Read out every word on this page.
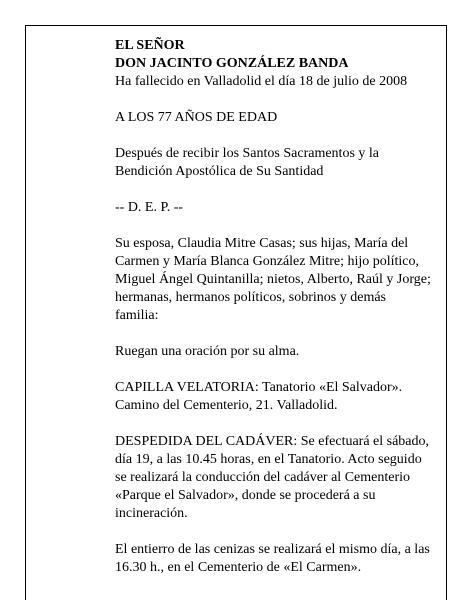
EL SEÑOR

DON JACINTO GONZÁLEZ BANDA

Ha fallecido en Valladolid el día 18 de julio de 2008

A LOS 77 AÑOS DE EDAD

Después de recibir los Santos Sacramentos y la Bendición Apostólica de Su Santidad

-- D. E. P. --

Su esposa, Claudia Mitre Casas; sus hijas, María del Carmen y María Blanca González Mitre; hijo político, Miguel Ángel Quintanilla; nietos, Alberto, Raúl y Jorge; hermanas, hermanos políticos, sobrinos y demás familia:

Ruegan una oración por su alma.

CAPILLA VELATORIA: Tanatorio «El Salvador». Camino del Cementerio, 21. Valladolid.

DESPEDIDA DEL CADÁVER: Se efectuará el sábado, día 19, a las 10.45 horas, en el Tanatorio. Acto seguido se realizará la conducción del cadáver al Cementerio «Parque el Salvador», donde se procederá a su incineración.

El entierro de las cenizas se realizará el mismo día, a las 16.30 h., en el Cementerio de «El Carmen».
